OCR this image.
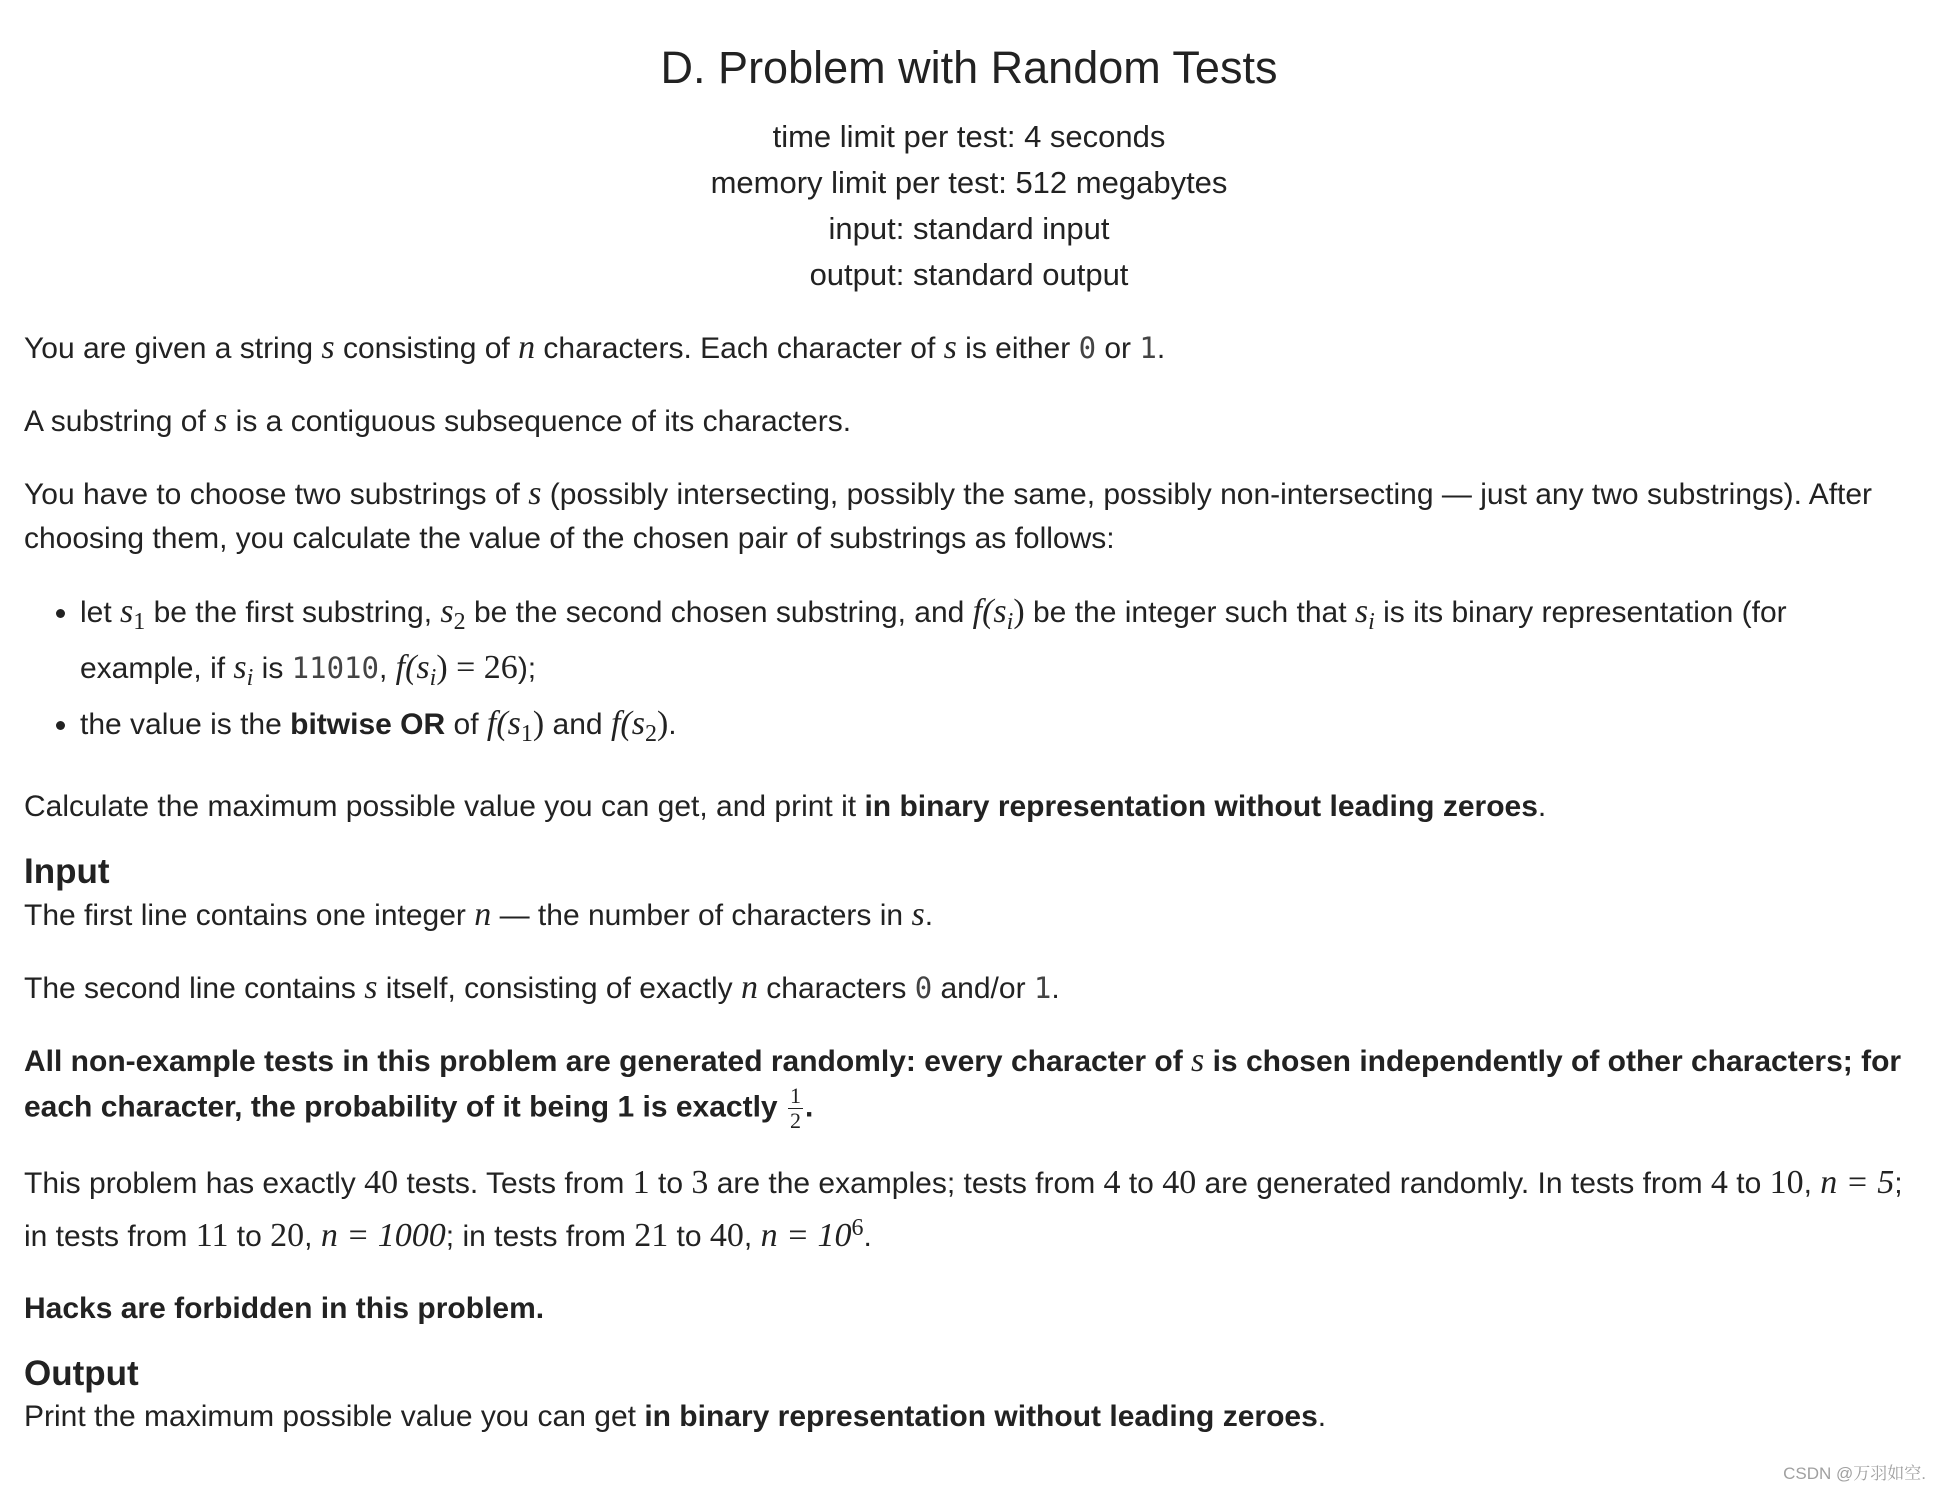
D. Problem with Random Tests
time limit per test: 4 seconds
memory limit per test: 512 megabytes
input: standard input
output: standard output
You are given a string s consisting of n characters. Each character of s is either 0 or 1.
A substring of s is a contiguous subsequence of its characters.
You have to choose two substrings of s (possibly intersecting, possibly the same, possibly non-intersecting — just any two substrings). After choosing them, you calculate the value of the chosen pair of substrings as follows:
• let $s_1$ be the first substring, $s_2$ be the second chosen substring, and $f(s_i)$ be the integer such that $s_i$ is its binary representation (for example, if $s_i$ is 11010, $f(s_i) = 26$);
• the value is the bitwise OR of $f(s_1)$ and $f(s_2)$.
Calculate the maximum possible value you can get, and print it in binary representation without leading zeroes.
Input
The first line contains one integer n — the number of characters in s.
The second line contains s itself, consisting of exactly n characters 0 and/or 1.
All non-example tests in this problem are generated randomly: every character of s is chosen independently of other characters; for each character, the probability of it being 1 is exactly $\frac{1}{2}$ .
This problem has exactly 40 tests. Tests from 1 to 3 are the examples; tests from 4 to 40 are generated randomly. In tests from 4 to 10, n = 5; in tests from 11 to 20, n = 1000; in tests from 21 to 40, $n = 10^6$.
Hacks are forbidden in this problem.
Output
Print the maximum possible value you can get in binary representation without leading zeroes.
CSDN @万羽如空.
